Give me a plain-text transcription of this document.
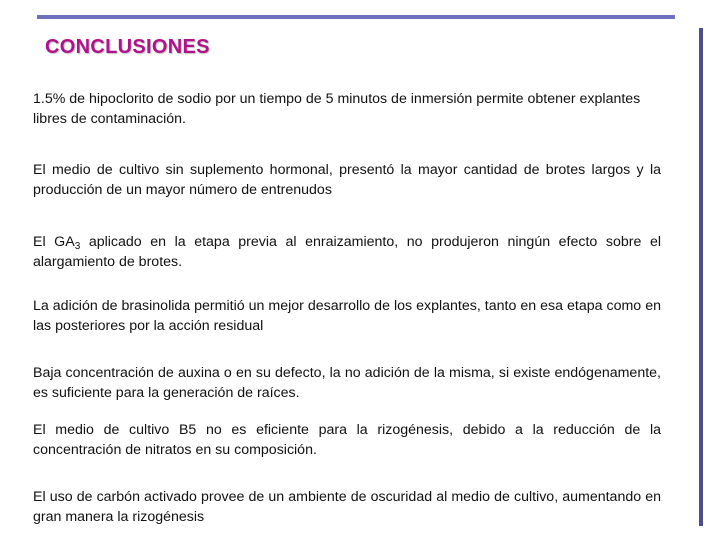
CONCLUSIONES
1.5% de hipoclorito de sodio por un tiempo de 5 minutos de inmersión permite obtener explantes libres de contaminación.
El medio de cultivo sin suplemento hormonal, presentó la mayor cantidad de brotes largos y la producción de un mayor número de entrenudos
El $GA_3$ aplicado en la etapa previa al enraizamiento, no produjeron ningún efecto sobre el alargamiento de brotes.
La adición de brasinolida permitió un mejor desarrollo de los explantes, tanto en esa etapa como en las posteriores por la acción residual
Baja concentración de auxina o en su defecto, la no adición de la misma, si existe endógenamente, es suficiente para la generación de raíces.
El medio de cultivo B5 no es eficiente para la rizogénesis, debido a la reducción de la concentración de nitratos en su composición.
El uso de carbón activado provee de un ambiente de oscuridad al medio de cultivo, aumentando en gran manera la rizogénesis
